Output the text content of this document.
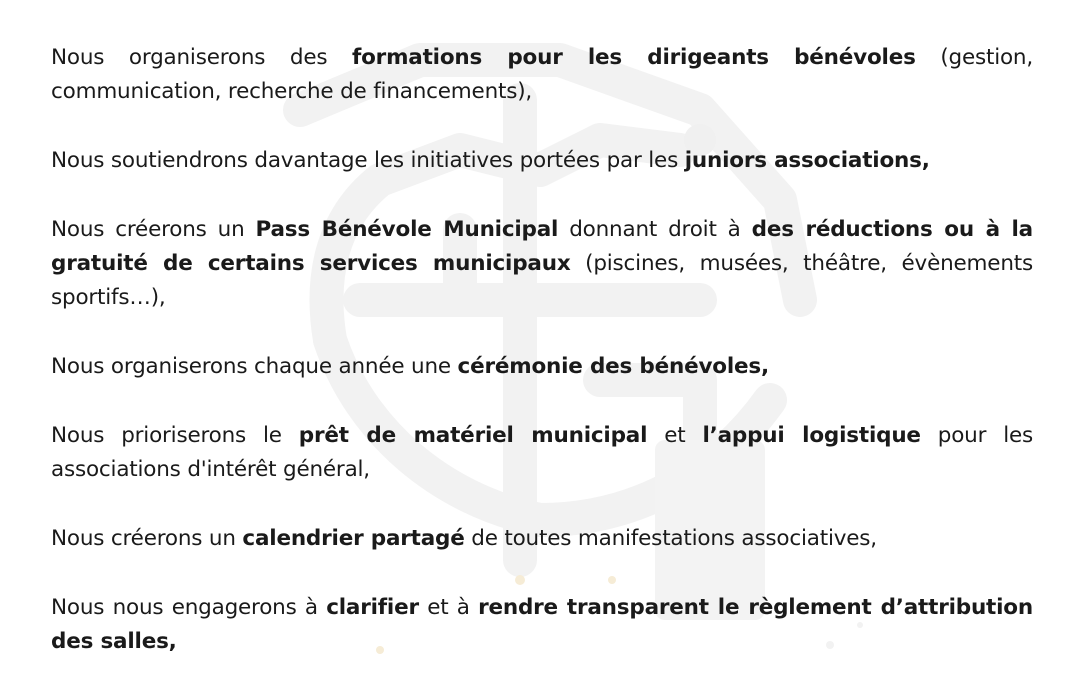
Nous organiserons des formations pour les dirigeants bénévoles (gestion, communication, recherche de financements),

Nous soutiendrons davantage les initiatives portées par les juniors associations,

Nous créerons un Pass Bénévole Municipal donnant droit à des réductions ou à la gratuité de certains services municipaux (piscines, musées, théâtre, évènements sportifs…),

Nous organiserons chaque année une cérémonie des bénévoles,

Nous prioriserons le prêt de matériel municipal et l’appui logistique pour les associations d'intérêt général,

Nous créerons un calendrier partagé de toutes manifestations associatives,

Nous nous engagerons à clarifier et à rendre transparent le règlement d’attribution des salles,
